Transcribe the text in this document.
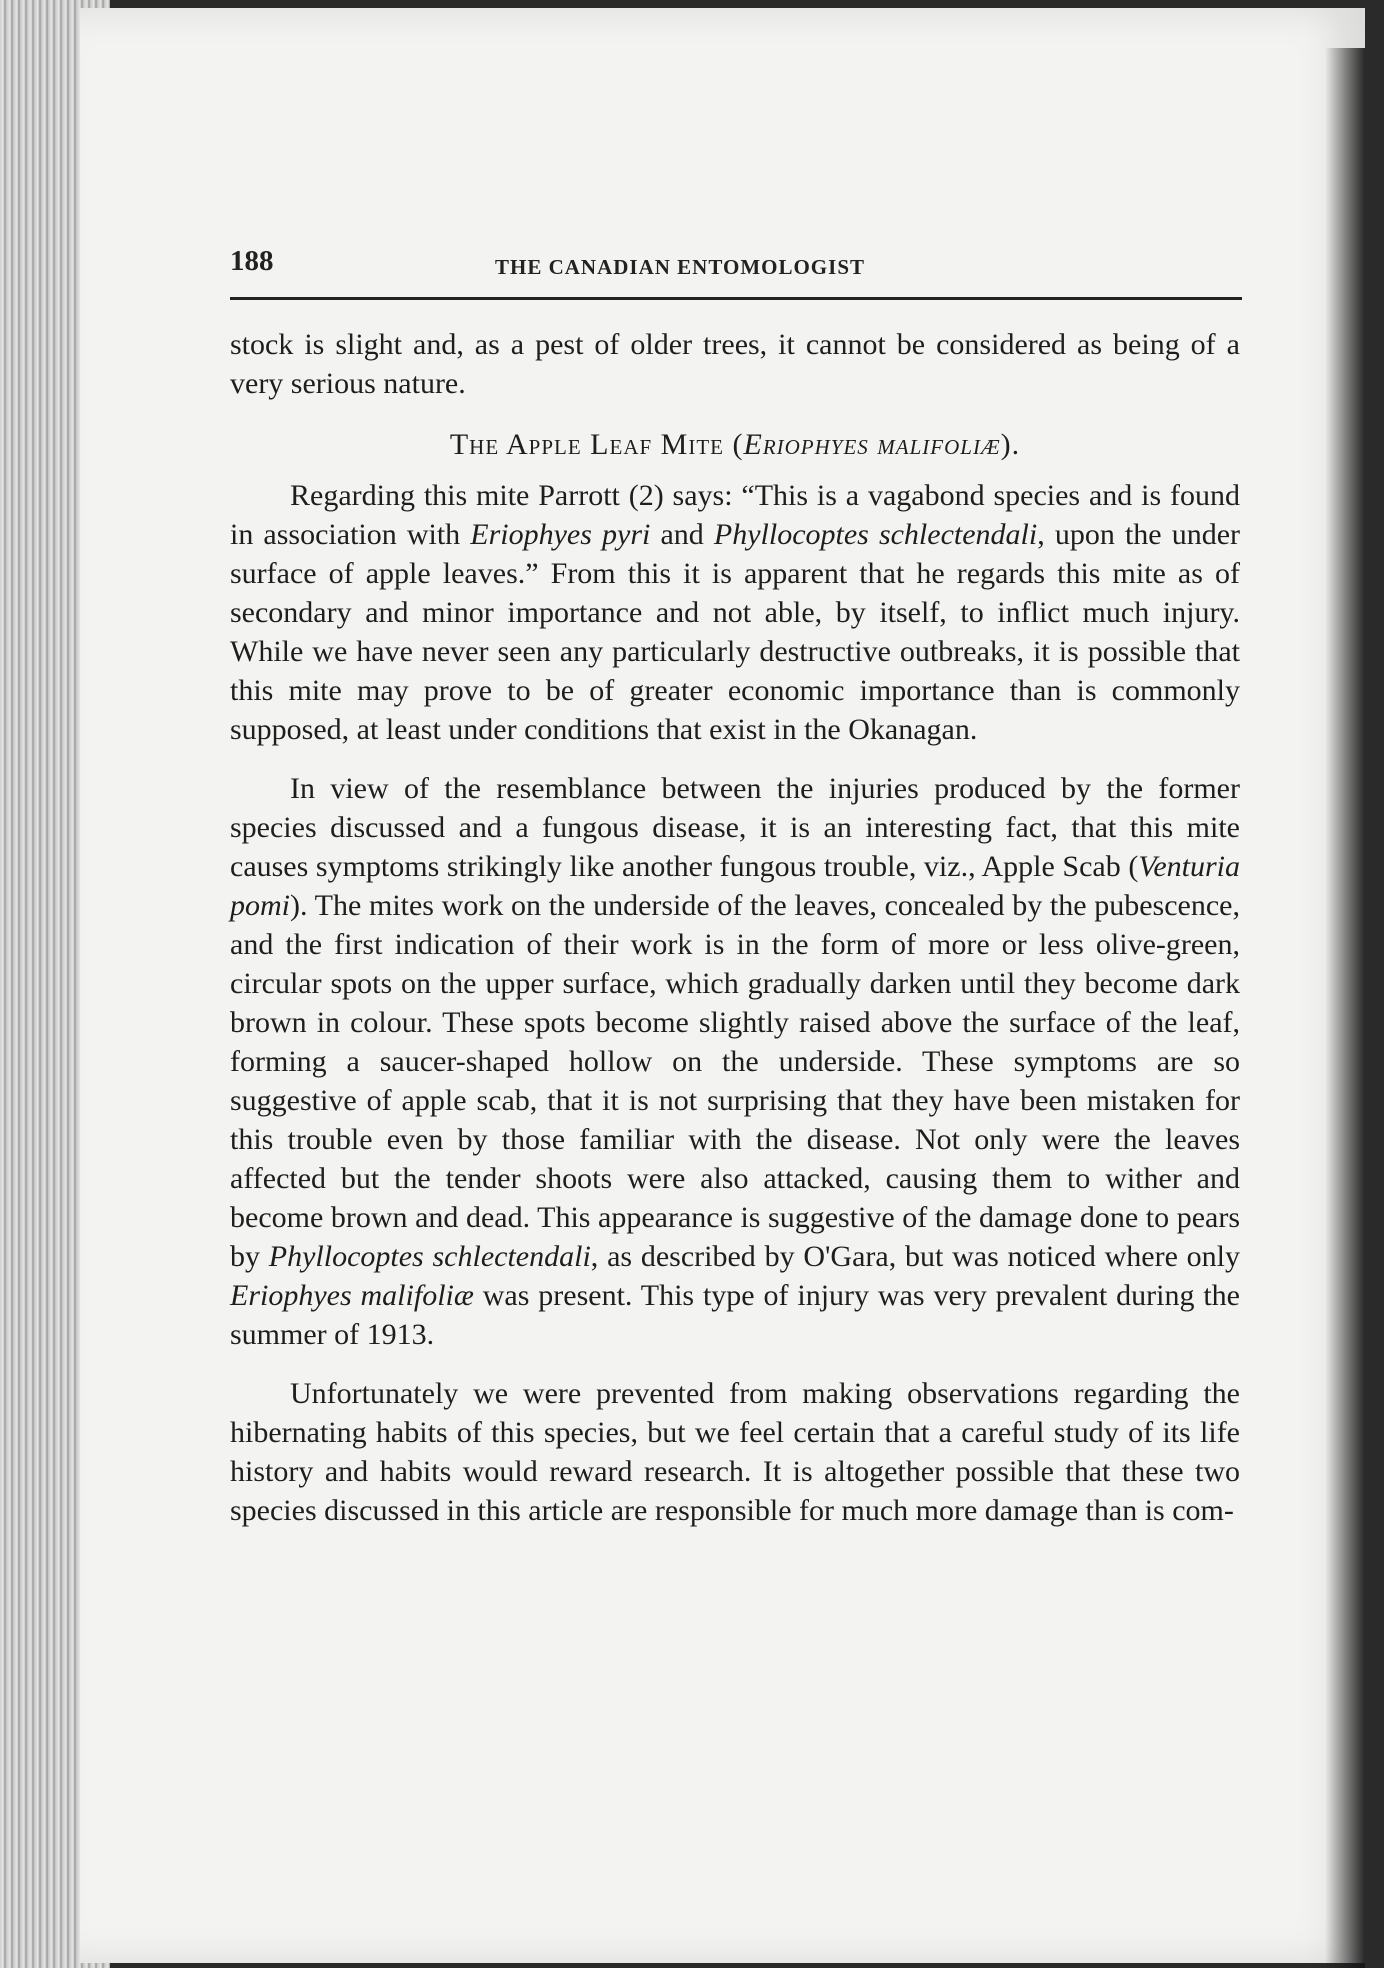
188	THE CANADIAN ENTOMOLOGIST

stock is slight and, as a pest of older trees, it cannot be considered as being of a very serious nature.

The Apple Leaf Mite (Eriophyes malifoliæ).

Regarding this mite Parrott (2) says: “This is a vagabond species and is found in association with Eriophyes pyri and Phyllocoptes schlectendali, upon the under surface of apple leaves.” From this it is apparent that he regards this mite as of secondary and minor importance and not able, by itself, to inflict much injury. While we have never seen any particularly destructive outbreaks, it is possible that this mite may prove to be of greater economic importance than is commonly supposed, at least under conditions that exist in the Okanagan.

In view of the resemblance between the injuries produced by the former species discussed and a fungous disease, it is an interesting fact, that this mite causes symptoms strikingly like another fungous trouble, viz., Apple Scab (Venturia pomi). The mites work on the underside of the leaves, concealed by the pubescence, and the first indication of their work is in the form of more or less olive-green, circular spots on the upper surface, which gradually darken until they become dark brown in colour. These spots become slightly raised above the surface of the leaf, forming a saucer-shaped hollow on the underside. These symptoms are so suggestive of apple scab, that it is not surprising that they have been mistaken for this trouble even by those familiar with the disease. Not only were the leaves affected but the tender shoots were also attacked, causing them to wither and become brown and dead. This appearance is suggestive of the damage done to pears by Phyllocoptes schlectendali, as described by O'Gara, but was noticed where only Eriophyes malifoliæ was present. This type of injury was very prevalent during the summer of 1913.

Unfortunately we were prevented from making observations regarding the hibernating habits of this species, but we feel certain that a careful study of its life history and habits would reward research. It is altogether possible that these two species discussed in this article are responsible for much more damage than is com-
